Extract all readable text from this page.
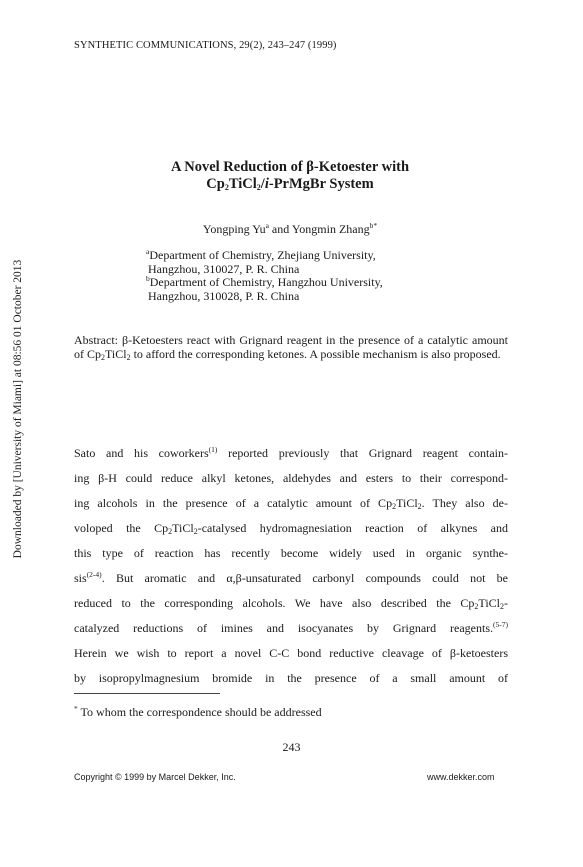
Downloaded by [University of Miami] at 08:56 01 October 2013
SYNTHETIC COMMUNICATIONS, 29(2), 243–247 (1999)
A Novel Reduction of β-Ketoester with
$Cp_2TiCl_2/i$-PrMgBr System
Yongping Yu$^a$ and Yongmin Zhang$^{b*}$
$^a$Department of Chemistry, Zhejiang University,
Hangzhou, 310027, P. R. China
$^b$Department of Chemistry, Hangzhou University,
Hangzhou, 310028, P. R. China
Abstract: β-Ketoesters react with Grignard reagent in the presence of a catalytic amount of $Cp_2TiCl_2$ to afford the corresponding ketones. A possible mechanism is also proposed.
Sato and his coworkers$^{(1)}$ reported previously that Grignard reagent contain-
ing β-H could reduce alkyl ketones, aldehydes and esters to their correspond-
ing alcohols in the presence of a catalytic amount of $Cp_2TiCl_2$. They also de-
voloped the $Cp_2TiCl_2$-catalysed hydromagnesiation reaction of alkynes and
this type of reaction has recently become widely used in organic synthe-
sis$^{(2-4)}$. But aromatic and α,β-unsaturated carbonyl compounds could not be
reduced to the corresponding alcohols. We have also described the $Cp_2TiCl_2-$
catalyzed reductions of imines and isocyanates by Grignard reagents.$^{(5-7)}$
Herein we wish to report a novel C-C bond reductive cleavage of β-ketoesters
by isopropylmagnesium bromide in the presence of a small amount of
* To whom the correspondence should be addressed
243
Copyright © 1999 by Marcel Dekker, Inc.	www.dekker.com
